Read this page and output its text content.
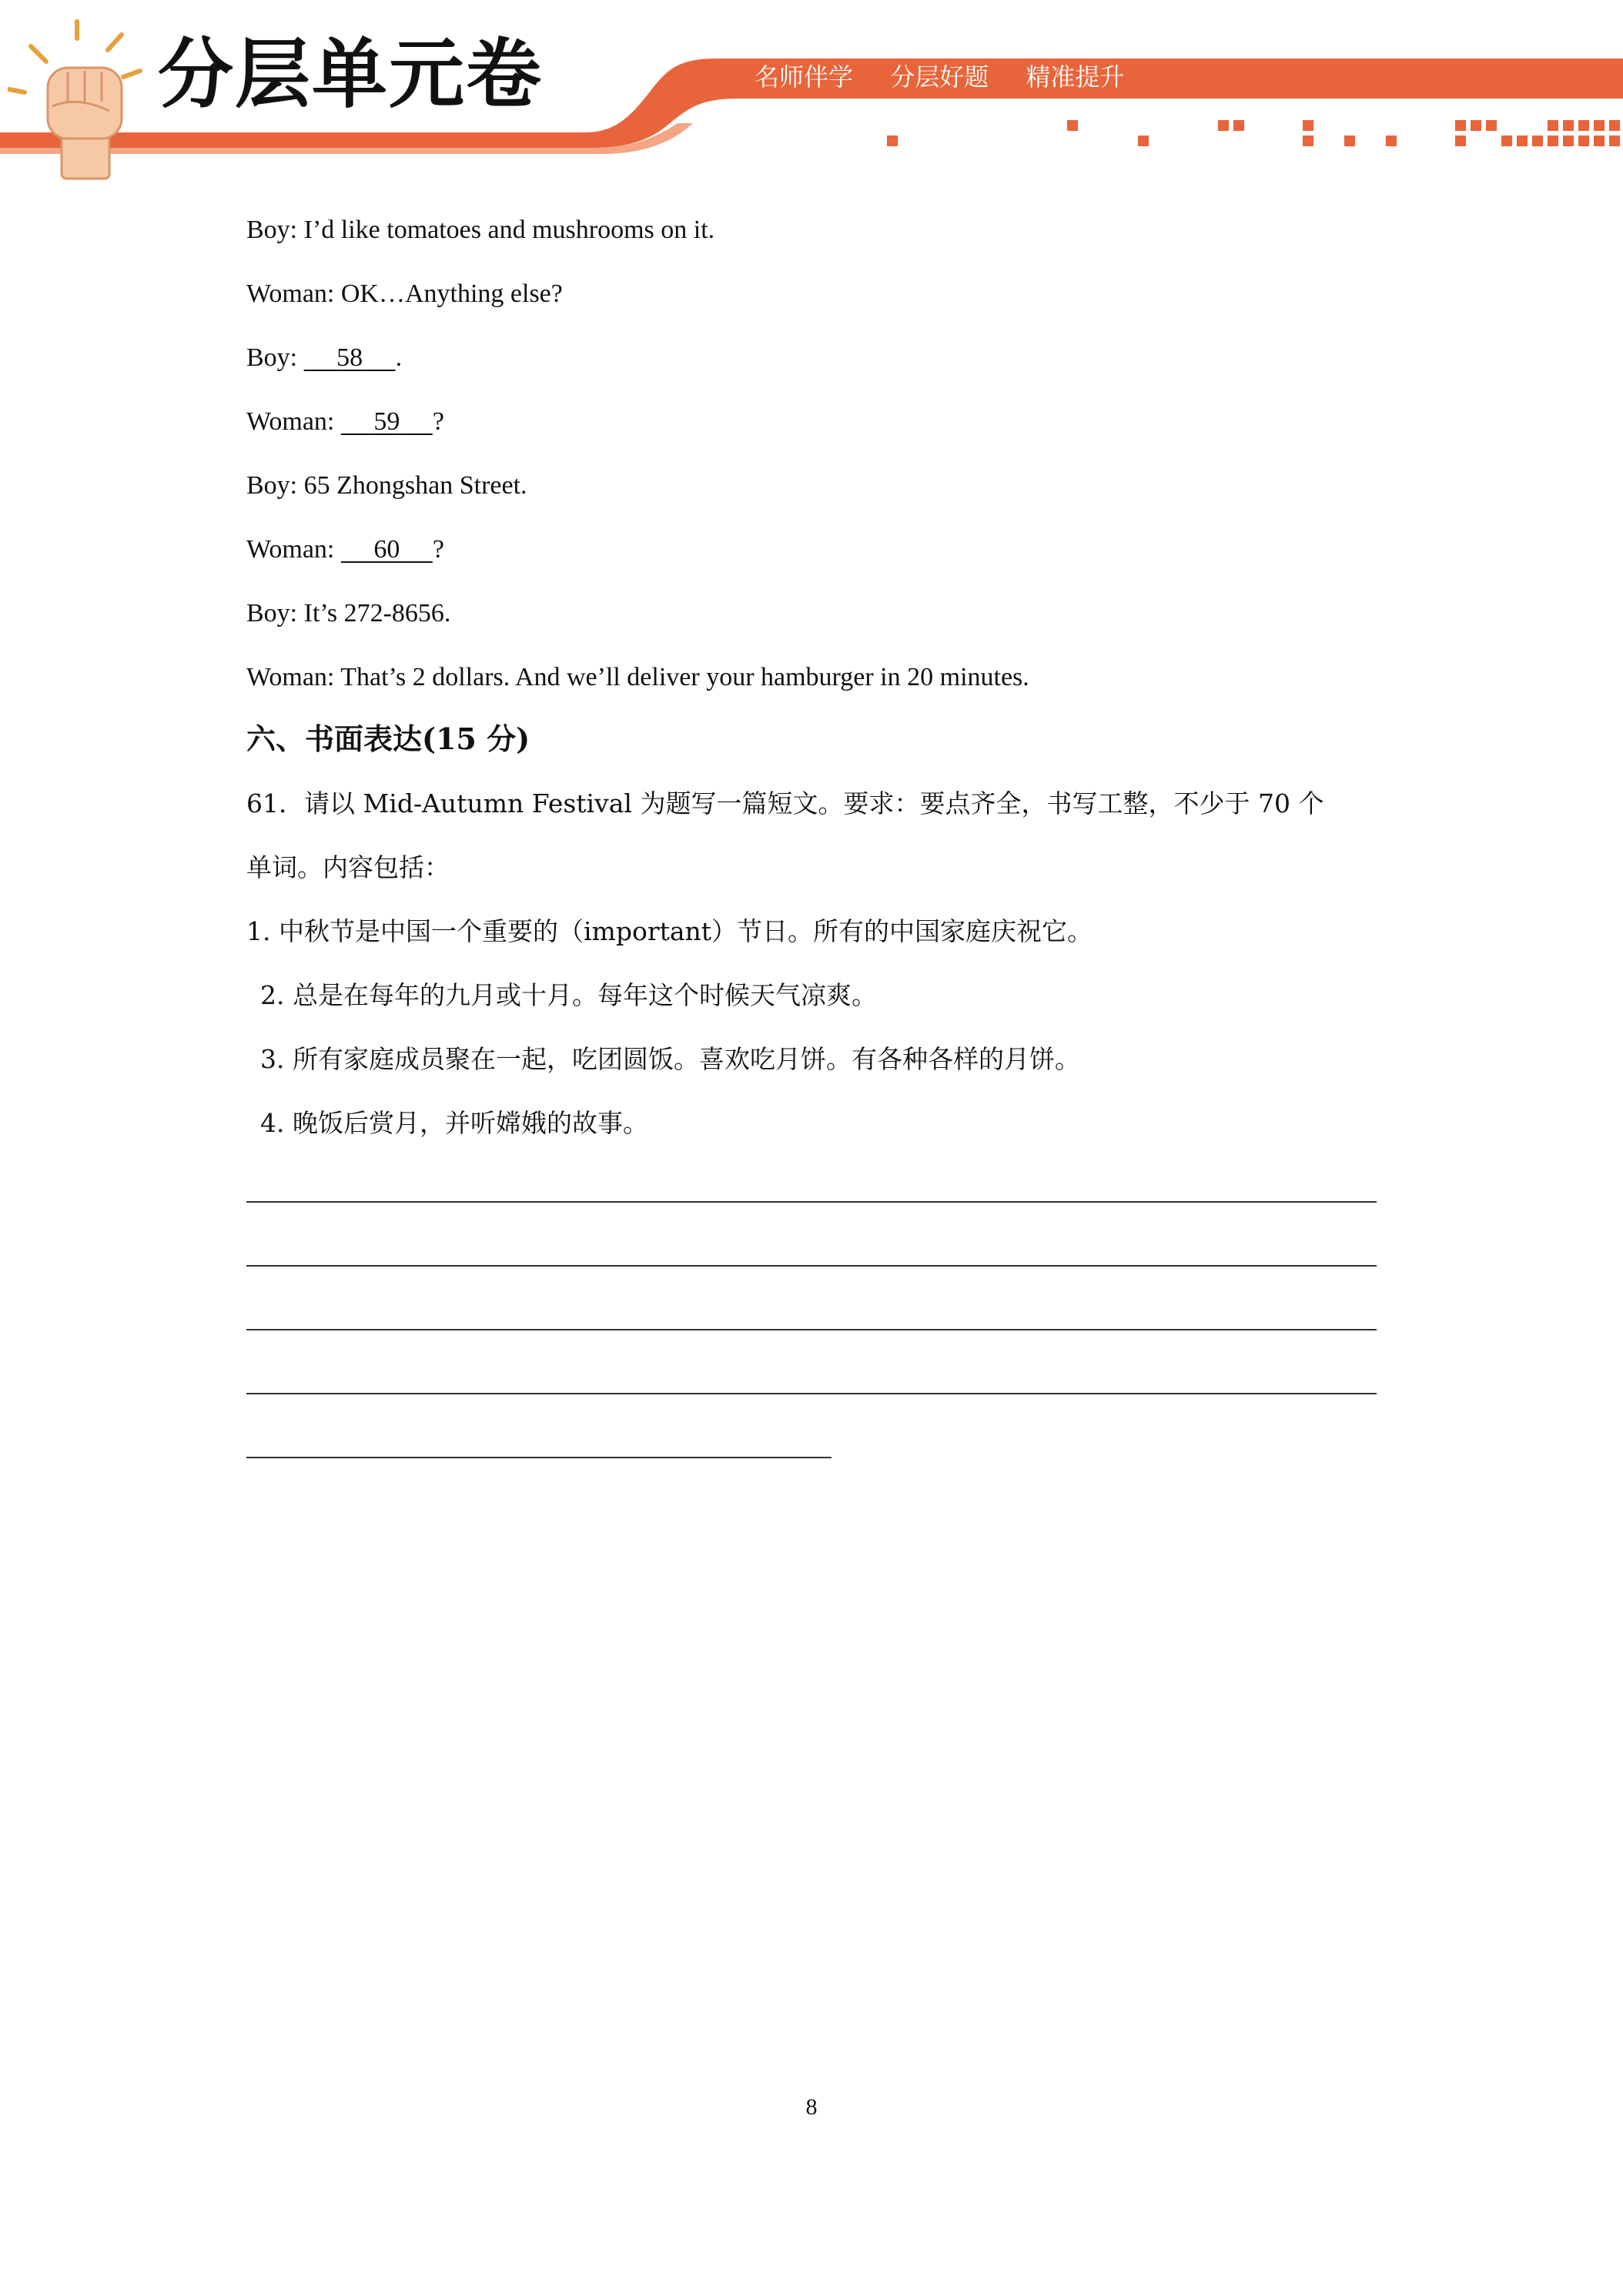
分层单元卷	名师伴学 分层好题 精准提升
Boy: I’d like tomatoes and mushrooms on it.
Woman: OK…Anything else?
Boy: 58 .
Woman: 59 ?
Boy: 65 Zhongshan Street.
Woman: 60 ?
Boy: It’s 272-8656.
Woman: That’s 2 dollars. And we’ll deliver your hamburger in 20 minutes.
六、书面表达(15 分)
61．请以 Mid-Autumn Festival 为题写一篇短文。要求：要点齐全，书写工整，不少于 70 个
单词。内容包括：
1. 中秋节是中国一个重要的（important）节日。所有的中国家庭庆祝它。
2. 总是在每年的九月或十月。每年这个时候天气凉爽。
3. 所有家庭成员聚在一起，吃团圆饭。喜欢吃月饼。有各种各样的月饼。
4. 晚饭后赏月，并听嫦娥的故事。
8
